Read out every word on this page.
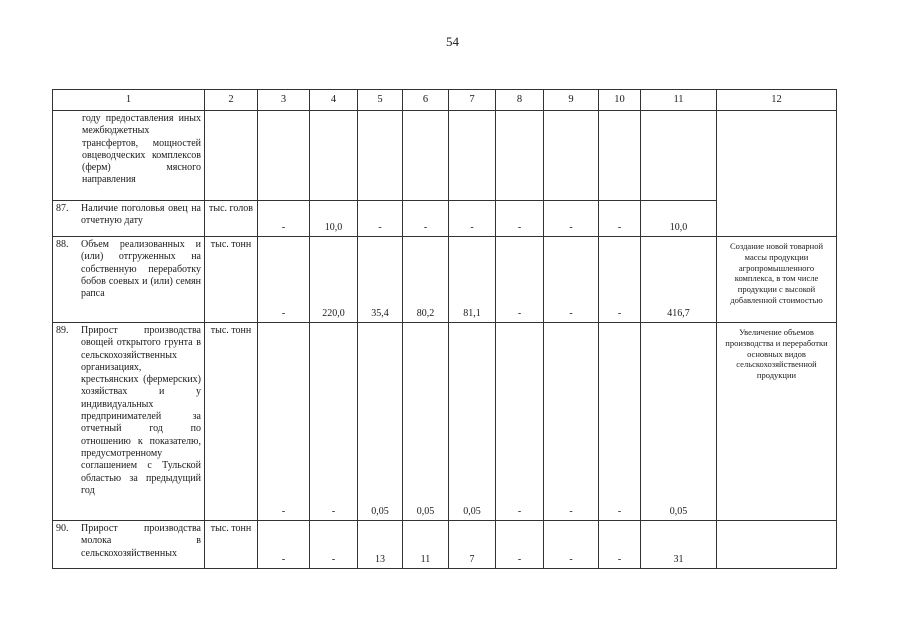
54
1	2	3	4	5	6	7	8	9	10	11	12

году предоставления иных межбюджетных трансфертов, мощностей овцеводческих комплексов (ферм) мясного направления											

87. Наличие поголовья овец на отчетную дату	тыс. голов	-	10,0	-	-	-	-	-	-	10,0	

88. Объем реализованных и (или) отгруженных на собственную переработку бобов соевых и (или) семян рапса	тыс. тонн	-	220,0	35,4	80,2	81,1	-	-	-	416,7	Создание новой товарной массы продукции агропромышленного комплекса, в том числе продукции с высокой добавленной стоимостью

89. Прирост производства овощей открытого грунта в сельскохозяйственных организациях, крестьянских (фермерских) хозяйствах и у индивидуальных предпринимателей за отчетный год по отношению к показателю, предусмотренному соглашением с Тульской областью за предыдущий год	тыс. тонн	-	-	0,05	0,05	0,05	-	-	-	0,05	Увеличение объемов производства и переработки основных видов сельскохозяйственной продукции

90. Прирост производства молока в сельскохозяйственных	тыс. тонн	-	-	13	11	7	-	-	-	31	
